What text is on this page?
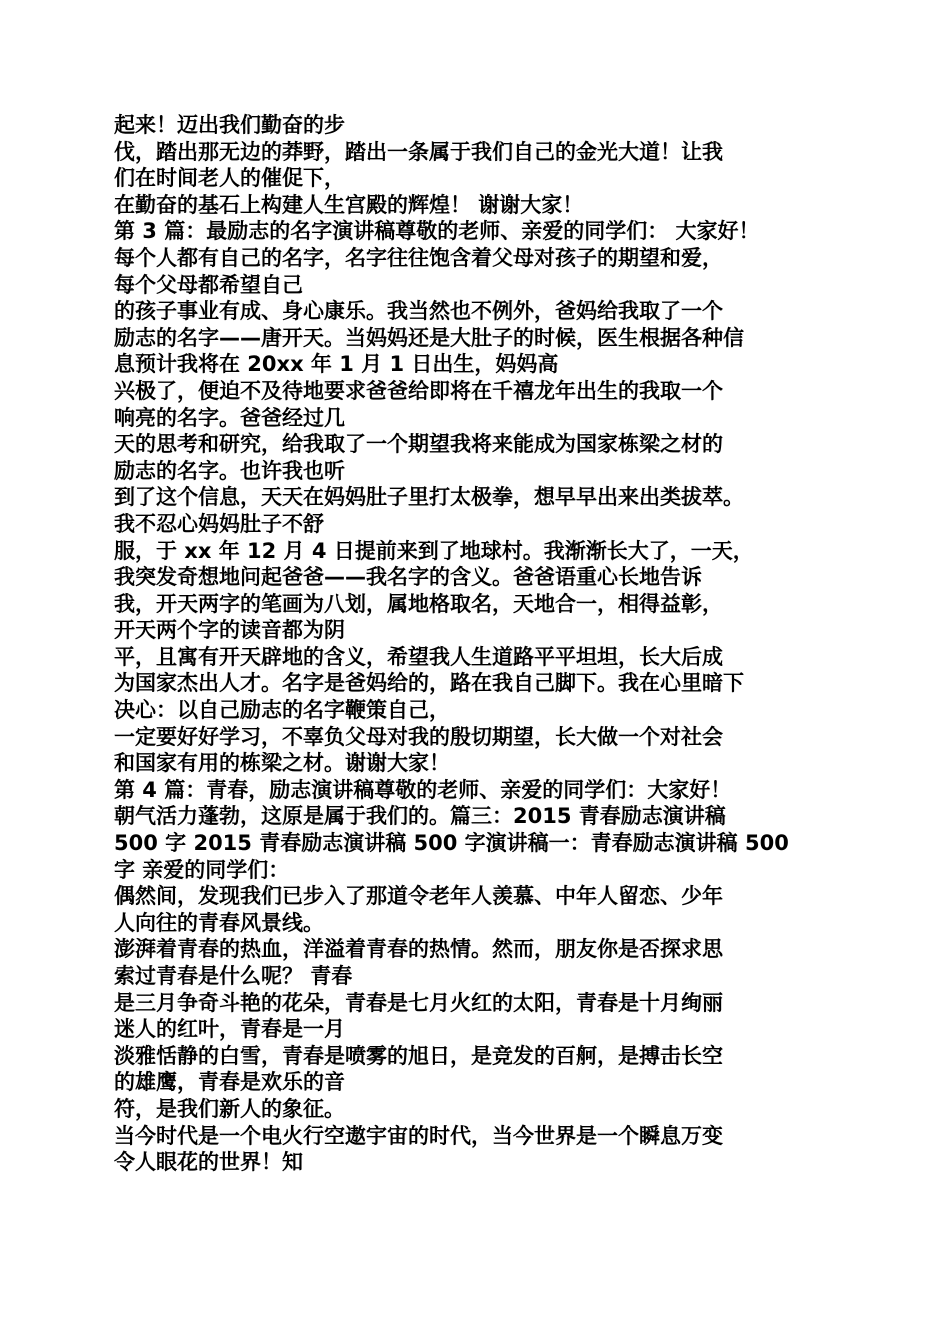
起来！迈出我们勤奋的步
伐，踏出那无边的莽野，踏出一条属于我们自己的金光大道！让我
们在时间老人的催促下，
在勤奋的基石上构建人生宫殿的辉煌！ 谢谢大家！
第 3 篇：最励志的名字演讲稿尊敬的老师、亲爱的同学们： 大家好！
每个人都有自己的名字，名字往往饱含着父母对孩子的期望和爱，
每个父母都希望自己
的孩子事业有成、身心康乐。我当然也不例外，爸妈给我取了一个
励志的名字——唐开天。当妈妈还是大肚子的时候，医生根据各种信
息预计我将在 20xx 年 1 月 1 日出生，妈妈高
兴极了，便迫不及待地要求爸爸给即将在千禧龙年出生的我取一个
响亮的名字。爸爸经过几
天的思考和研究，给我取了一个期望我将来能成为国家栋梁之材的
励志的名字。也许我也听
到了这个信息，天天在妈妈肚子里打太极拳，想早早出来出类拔萃。
我不忍心妈妈肚子不舒
服，于 xx 年 12 月 4 日提前来到了地球村。我渐渐长大了，一天，
我突发奇想地问起爸爸——我名字的含义。爸爸语重心长地告诉
我，开天两字的笔画为八划，属地格取名，天地合一，相得益彰，
开天两个字的读音都为阴
平，且寓有开天辟地的含义，希望我人生道路平平坦坦，长大后成
为国家杰出人才。名字是爸妈给的，路在我自己脚下。我在心里暗下
决心：以自己励志的名字鞭策自己，
一定要好好学习，不辜负父母对我的殷切期望，长大做一个对社会
和国家有用的栋梁之材。谢谢大家！
第 4 篇：青春，励志演讲稿尊敬的老师、亲爱的同学们：大家好！
朝气活力蓬勃，这原是属于我们的。篇三：2015 青春励志演讲稿
500 字 2015 青春励志演讲稿 500 字演讲稿一：青春励志演讲稿 500
字 亲爱的同学们：
偶然间，发现我们已步入了那道令老年人羡慕、中年人留恋、少年
人向往的青春风景线。
澎湃着青春的热血，洋溢着青春的热情。然而，朋友你是否探求思
索过青春是什么呢？ 青春
是三月争奇斗艳的花朵，青春是七月火红的太阳，青春是十月绚丽
迷人的红叶，青春是一月
淡雅恬静的白雪，青春是喷雾的旭日，是竞发的百舸，是搏击长空
的雄鹰，青春是欢乐的音
符，是我们新人的象征。
当今时代是一个电火行空遨宇宙的时代，当今世界是一个瞬息万变
令人眼花的世界！知
